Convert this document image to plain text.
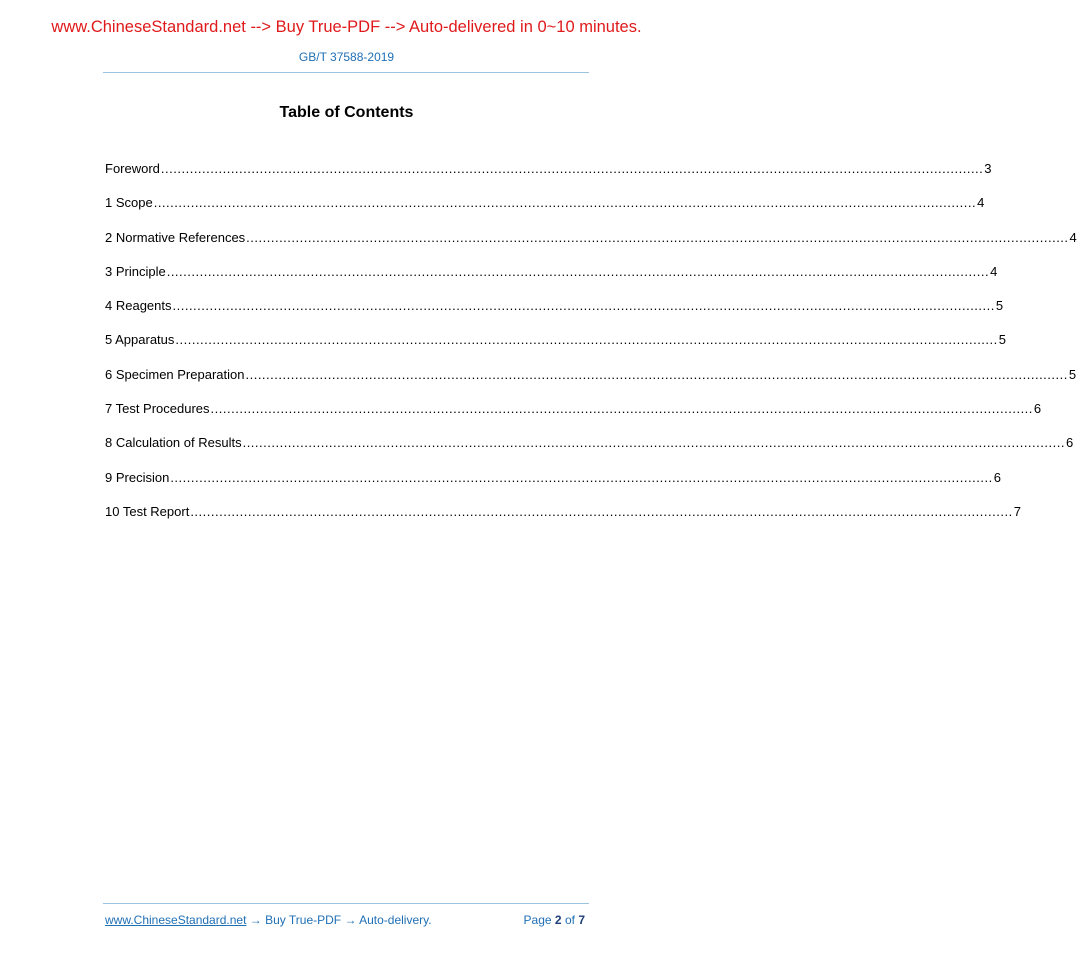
www.ChineseStandard.net --> Buy True-PDF --> Auto-delivered in 0~10 minutes.
GB/T 37588-2019
Table of Contents
Foreword ........................................................................................................................................................................................................ 3
1 Scope ........................................................................................................................................................................................................ 4
2 Normative References ........................................................................................................................................................................................................ 4
3 Principle ........................................................................................................................................................................................................ 4
4 Reagents ........................................................................................................................................................................................................ 5
5 Apparatus ........................................................................................................................................................................................................ 5
6 Specimen Preparation ........................................................................................................................................................................................................ 5
7 Test Procedures ........................................................................................................................................................................................................ 6
8 Calculation of Results ........................................................................................................................................................................................................ 6
9 Precision ........................................................................................................................................................................................................ 6
10 Test Report ........................................................................................................................................................................................................ 7
www.ChineseStandard.net → Buy True-PDF → Auto-delivery.	Page 2 of 7
